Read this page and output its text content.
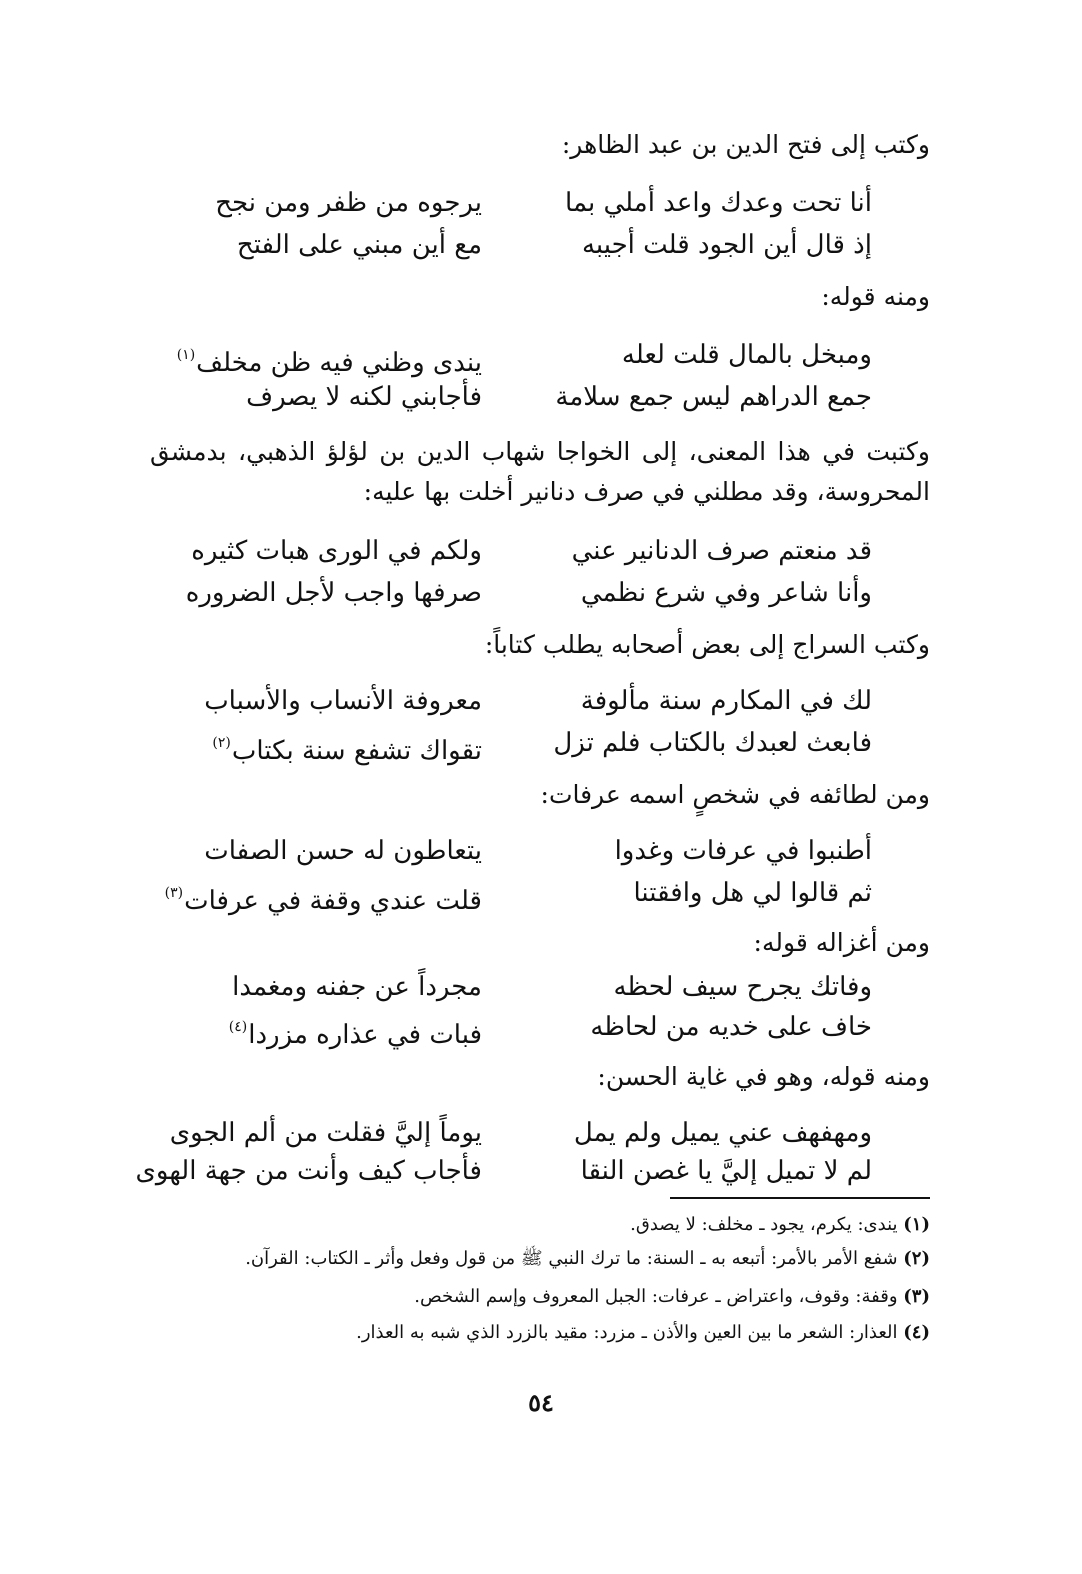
وكتب إلى فتح الدين بن عبد الظاهر:
أنا تحت وعدك واعد أملي بما
يرجوه من ظفر ومن نجح
إذ قال أين الجود قلت أجيبه
مع أين مبني على الفتح
ومنه قوله:
ومبخل بالمال قلت لعله
يندى وظني فيه ظن مخلف$^{(١)}$
جمع الدراهم ليس جمع سلامة
فأجابني لكنه لا يصرف
وكتبت في هذا المعنى، إلى الخواجا شهاب الدين بن لؤلؤ الذهبي، بدمشق المحروسة، وقد مطلني في صرف دنانير أخلت بها عليه:
قد منعتم صرف الدنانير عني
ولكم في الورى هبات كثيره
وأنا شاعر وفي شرع نظمي
صرفها واجب لأجل الضروره
وكتب السراج إلى بعض أصحابه يطلب كتاباً:
لك في المكارم سنة مألوفة
معروفة الأنساب والأسباب
فابعث لعبدك بالكتاب فلم تزل
تقواك تشفع سنة بكتاب$^{(٢)}$
ومن لطائفه في شخصٍ اسمه عرفات:
أطنبوا في عرفات وغدوا
يتعاطون له حسن الصفات
ثم قالوا لي هل وافقتنا
قلت عندي وقفة في عرفات$^{(٣)}$
ومن أغزاله قوله:
وفاتك يجرح سيف لحظه
مجرداً عن جفنه ومغمدا
خاف على خديه من لحاظه
فبات في عذاره مزردا$^{(٤)}$
ومنه قوله، وهو في غاية الحسن:
ومهفهف عني يميل ولم يمل
يوماً إليَّ فقلت من ألم الجوى
لم لا تميل إليَّ يا غصن النقا
فأجاب كيف وأنت من جهة الهوى
(١) يندى: يكرم، يجود ـ مخلف: لا يصدق.
(٢) شفع الأمر بالأمر: أتبعه به ـ السنة: ما ترك النبي ﷺ من قول وفعل وأثر ـ الكتاب: القرآن.
(٣) وقفة: وقوف، واعتراض ـ عرفات: الجبل المعروف وإسم الشخص.
(٤) العذار: الشعر ما بين العين والأذن ـ مزرد: مقيد بالزرد الذي شبه به العذار.
٥٤
